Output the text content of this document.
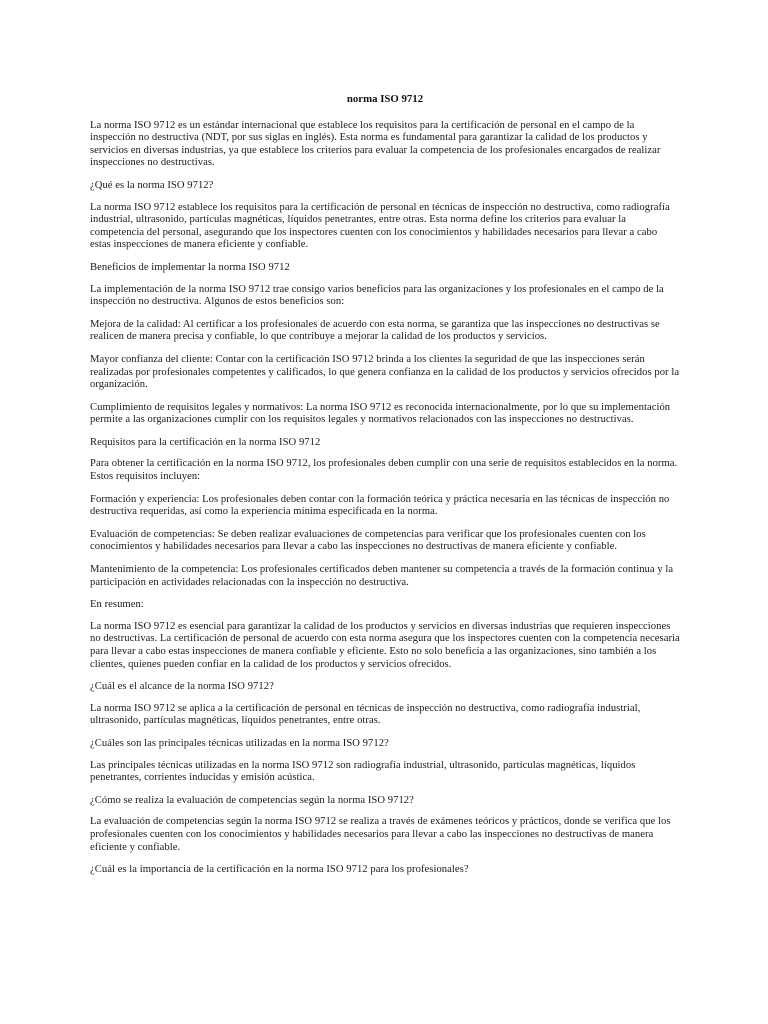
norma ISO 9712

La norma ISO 9712 es un estándar internacional que establece los requisitos para la certificación de personal en el campo de la inspección no destructiva (NDT, por sus siglas en inglés). Esta norma es fundamental para garantizar la calidad de los productos y servicios en diversas industrias, ya que establece los criterios para evaluar la competencia de los profesionales encargados de realizar inspecciones no destructivas.

¿Qué es la norma ISO 9712?

La norma ISO 9712 establece los requisitos para la certificación de personal en técnicas de inspección no destructiva, como radiografía industrial, ultrasonido, partículas magnéticas, líquidos penetrantes, entre otras. Esta norma define los criterios para evaluar la competencia del personal, asegurando que los inspectores cuenten con los conocimientos y habilidades necesarios para llevar a cabo estas inspecciones de manera eficiente y confiable.

Beneficios de implementar la norma ISO 9712

La implementación de la norma ISO 9712 trae consigo varios beneficios para las organizaciones y los profesionales en el campo de la inspección no destructiva. Algunos de estos beneficios son:

Mejora de la calidad: Al certificar a los profesionales de acuerdo con esta norma, se garantiza que las inspecciones no destructivas se realicen de manera precisa y confiable, lo que contribuye a mejorar la calidad de los productos y servicios.

Mayor confianza del cliente: Contar con la certificación ISO 9712 brinda a los clientes la seguridad de que las inspecciones serán realizadas por profesionales competentes y calificados, lo que genera confianza en la calidad de los productos y servicios ofrecidos por la organización.

Cumplimiento de requisitos legales y normativos: La norma ISO 9712 es reconocida internacionalmente, por lo que su implementación permite a las organizaciones cumplir con los requisitos legales y normativos relacionados con las inspecciones no destructivas.

Requisitos para la certificación en la norma ISO 9712

Para obtener la certificación en la norma ISO 9712, los profesionales deben cumplir con una serie de requisitos establecidos en la norma. Estos requisitos incluyen:

Formación y experiencia: Los profesionales deben contar con la formación teórica y práctica necesaria en las técnicas de inspección no destructiva requeridas, así como la experiencia mínima especificada en la norma.

Evaluación de competencias: Se deben realizar evaluaciones de competencias para verificar que los profesionales cuenten con los conocimientos y habilidades necesarios para llevar a cabo las inspecciones no destructivas de manera eficiente y confiable.

Mantenimiento de la competencia: Los profesionales certificados deben mantener su competencia a través de la formación continua y la participación en actividades relacionadas con la inspección no destructiva.

En resumen:

La norma ISO 9712 es esencial para garantizar la calidad de los productos y servicios en diversas industrias que requieren inspecciones no destructivas. La certificación de personal de acuerdo con esta norma asegura que los inspectores cuenten con la competencia necesaria para llevar a cabo estas inspecciones de manera confiable y eficiente. Esto no solo beneficia a las organizaciones, sino también a los clientes, quienes pueden confiar en la calidad de los productos y servicios ofrecidos.

¿Cuál es el alcance de la norma ISO 9712?

La norma ISO 9712 se aplica a la certificación de personal en técnicas de inspección no destructiva, como radiografía industrial, ultrasonido, partículas magnéticas, líquidos penetrantes, entre otras.

¿Cuáles son las principales técnicas utilizadas en la norma ISO 9712?

Las principales técnicas utilizadas en la norma ISO 9712 son radiografía industrial, ultrasonido, partículas magnéticas, líquidos penetrantes, corrientes inducidas y emisión acústica.

¿Cómo se realiza la evaluación de competencias según la norma ISO 9712?

La evaluación de competencias según la norma ISO 9712 se realiza a través de exámenes teóricos y prácticos, donde se verifica que los profesionales cuenten con los conocimientos y habilidades necesarios para llevar a cabo las inspecciones no destructivas de manera eficiente y confiable.

¿Cuál es la importancia de la certificación en la norma ISO 9712 para los profesionales?
